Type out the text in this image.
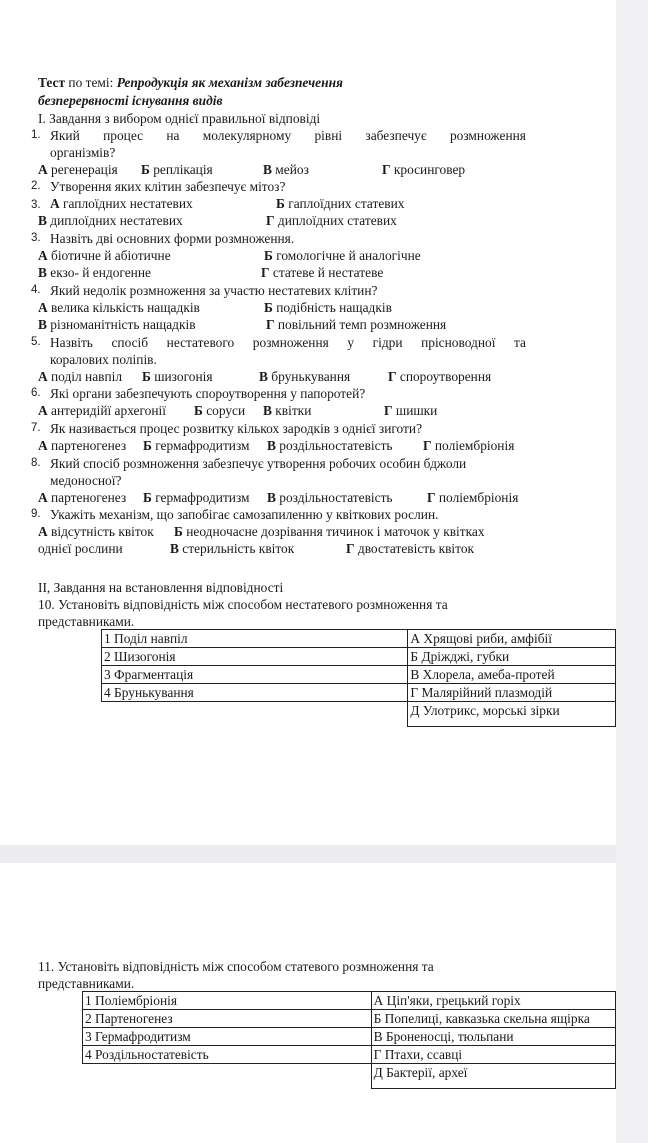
Тест по темі: Репродукція як механізм забезпечення
безперервності існування видів
I. Завдання з вибором однієї правильної відповіді
1. Який процес на молекулярному рівні забезпечує розмноження
організмів?
А регенерація Б реплікація	В мейоз	Г кросинговер
2. Утворення яких клітин забезпечує мітоз?
3. А гаплоїдних нестатевих	Б гаплоїдних статевих
В диплоїдних нестатевих	Г диплоїдних статевих
3. Назвіть дві основних форми розмноження.
А біотичне й абіотичне	Б гомологічне й аналогічне
В екзо- й ендогенне	Г статеве й нестатеве
4. Який недолік розмноження за участю нестатевих клітин?
А велика кількість нащадків	Б подібність нащадків
В різноманітність нащадків	Г повільний темп розмноження
5. Назвіть спосіб нестатевого розмноження у гідри прісноводної та
коралових поліпів.
А поділ навпіл Б шизогонія	В брунькування	Г спороутворення
6. Які органи забезпечують спороутворення у папоротей?
А антеридійї архегонії Б соруси В квітки	Г шишки
7. Як називається процес розвитку кількох зародків з однієї зиготи?
А партеногенез Б гермафродитизм В роздільностатевість Г поліембріонія
8. Який спосіб розмноження забезпечує утворення робочих особин бджоли
медоносної?
А партеногенез Б гермафродитизм В роздільностатевість	Г поліембріонія
9. Укажіть механізм, що запобігає самозапиленню у квіткових рослин.
А відсутність квіток Б неодночасне дозрівання тичинок і маточок у квітках
однієї рослини	В стерильність квіток	Г двостатевість квіток
II, Завдання на встановлення відповідності
10. Установіть відповідність між способом нестатевого розмноження та
представниками.
1 Поділ навпіл	А Хрящові риби, амфібії
2 Шизогонія	Б Дріжджі, губки
3 Фрагментація	В Хлорела, амеба-протей
4 Брунькування	Г Малярійний плазмодій
	Д Улотрикс, морські зірки
11. Установіть відповідність між способом статевого розмноження та
представниками.
1 Поліембріонія	А Ціп'яки, грецький горіх
2 Партеногенез	Б Попелиці, кавказька скельна ящірка
3 Гермафродитизм	В Броненосці, тюльпани
4 Роздільностатевість	Г Птахи, ссавці
	Д Бактерії, археї
